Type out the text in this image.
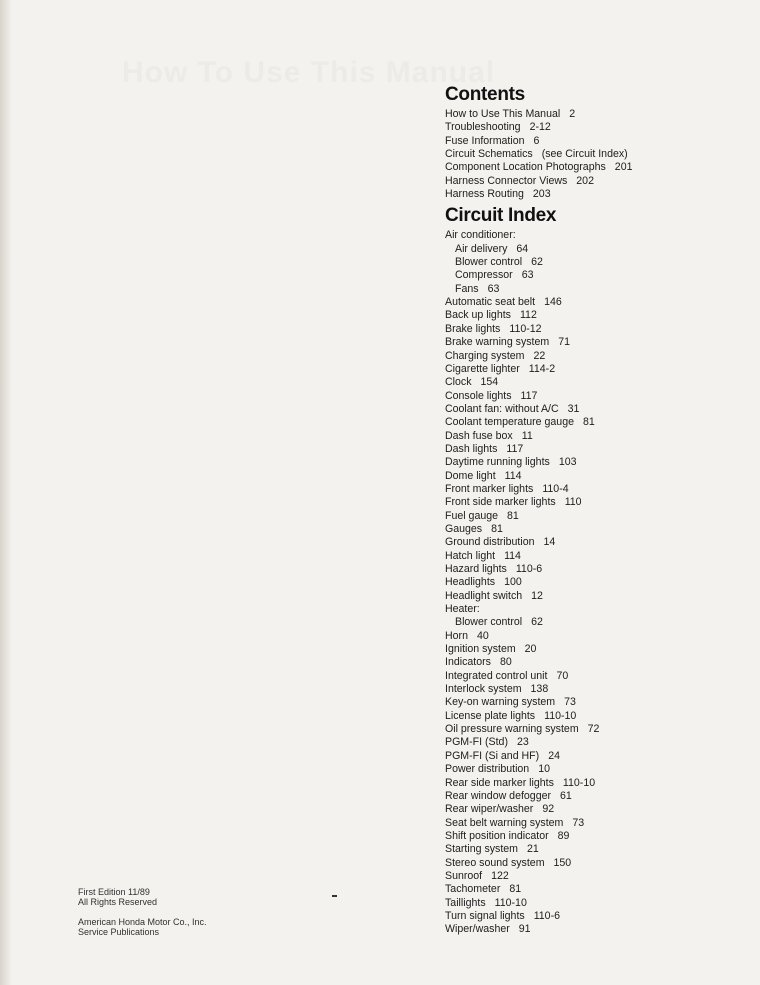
How To Use This Manual
Contents
How to Use This Manual 2
Troubleshooting 2-12
Fuse Information 6
Circuit Schematics (see Circuit Index)
Component Location Photographs 201
Harness Connector Views 202
Harness Routing 203
Circuit Index
Air conditioner:
Air delivery 64
Blower control 62
Compressor 63
Fans 63
Automatic seat belt 146
Back up lights 112
Brake lights 110-12
Brake warning system 71
Charging system 22
Cigarette lighter 114-2
Clock 154
Console lights 117
Coolant fan: without A/C 31
Coolant temperature gauge 81
Dash fuse box 11
Dash lights 117
Daytime running lights 103
Dome light 114
Front marker lights 110-4
Front side marker lights 110
Fuel gauge 81
Gauges 81
Ground distribution 14
Hatch light 114
Hazard lights 110-6
Headlights 100
Headlight switch 12
Heater:
Blower control 62
Horn 40
Ignition system 20
Indicators 80
Integrated control unit 70
Interlock system 138
Key-on warning system 73
License plate lights 110-10
Oil pressure warning system 72
PGM-FI (Std) 23
PGM-FI (Si and HF) 24
Power distribution 10
Rear side marker lights 110-10
Rear window defogger 61
Rear wiper/washer 92
Seat belt warning system 73
Shift position indicator 89
Starting system 21
Stereo sound system 150
Sunroof 122
Tachometer 81
Taillights 110-10
Turn signal lights 110-6
Wiper/washer 91
First Edition 11/89
All Rights Reserved
American Honda Motor Co., Inc.
Service Publications
